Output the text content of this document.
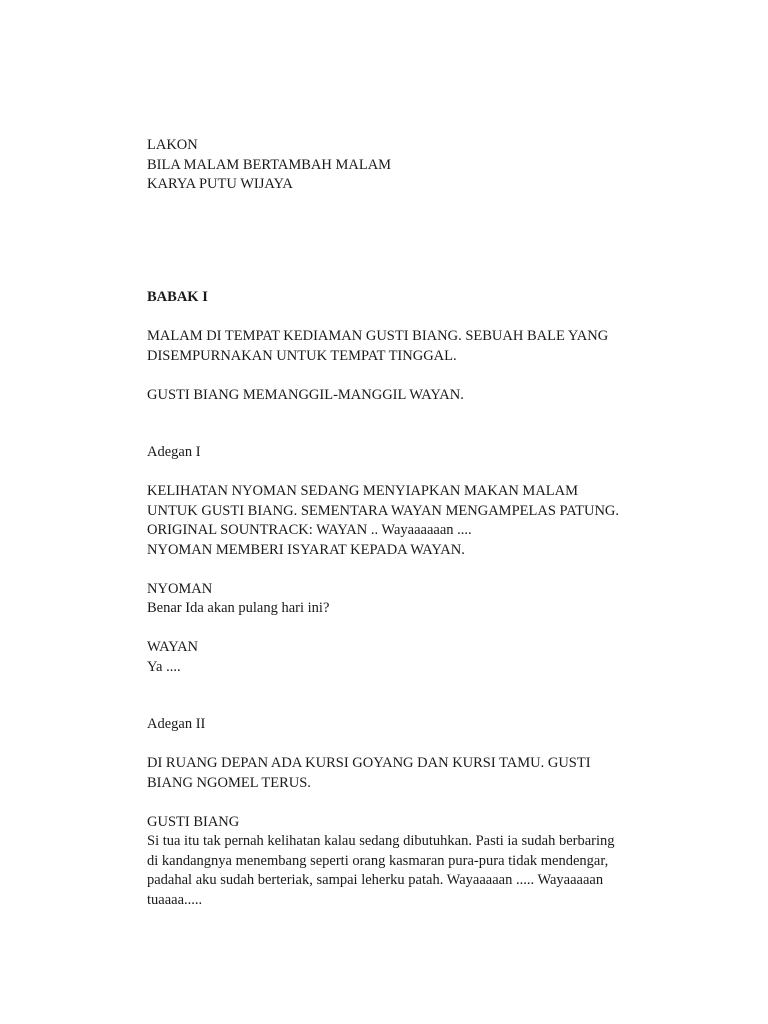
LAKON
BILA MALAM BERTAMBAH MALAM
KARYA PUTU WIJAYA
BABAK I
MALAM DI TEMPAT KEDIAMAN GUSTI BIANG. SEBUAH BALE YANG
DISEMPURNAKAN UNTUK TEMPAT TINGGAL.
GUSTI BIANG MEMANGGIL-MANGGIL WAYAN.
Adegan I
KELIHATAN NYOMAN SEDANG MENYIAPKAN MAKAN MALAM
UNTUK GUSTI BIANG. SEMENTARA WAYAN MENGAMPELAS PATUNG.
ORIGINAL SOUNTRACK: WAYAN .. Wayaaaaaan ....
NYOMAN MEMBERI ISYARAT KEPADA WAYAN.
NYOMAN
Benar Ida akan pulang hari ini?
WAYAN
Ya ....
Adegan II
DI RUANG DEPAN ADA KURSI GOYANG DAN KURSI TAMU. GUSTI
BIANG NGOMEL TERUS.
GUSTI BIANG
Si tua itu tak pernah kelihatan kalau sedang dibutuhkan. Pasti ia sudah berbaring
di kandangnya menembang seperti orang kasmaran pura-pura tidak mendengar,
padahal aku sudah berteriak, sampai leherku patah. Wayaaaaan ..... Wayaaaaan
tuaaaa.....
